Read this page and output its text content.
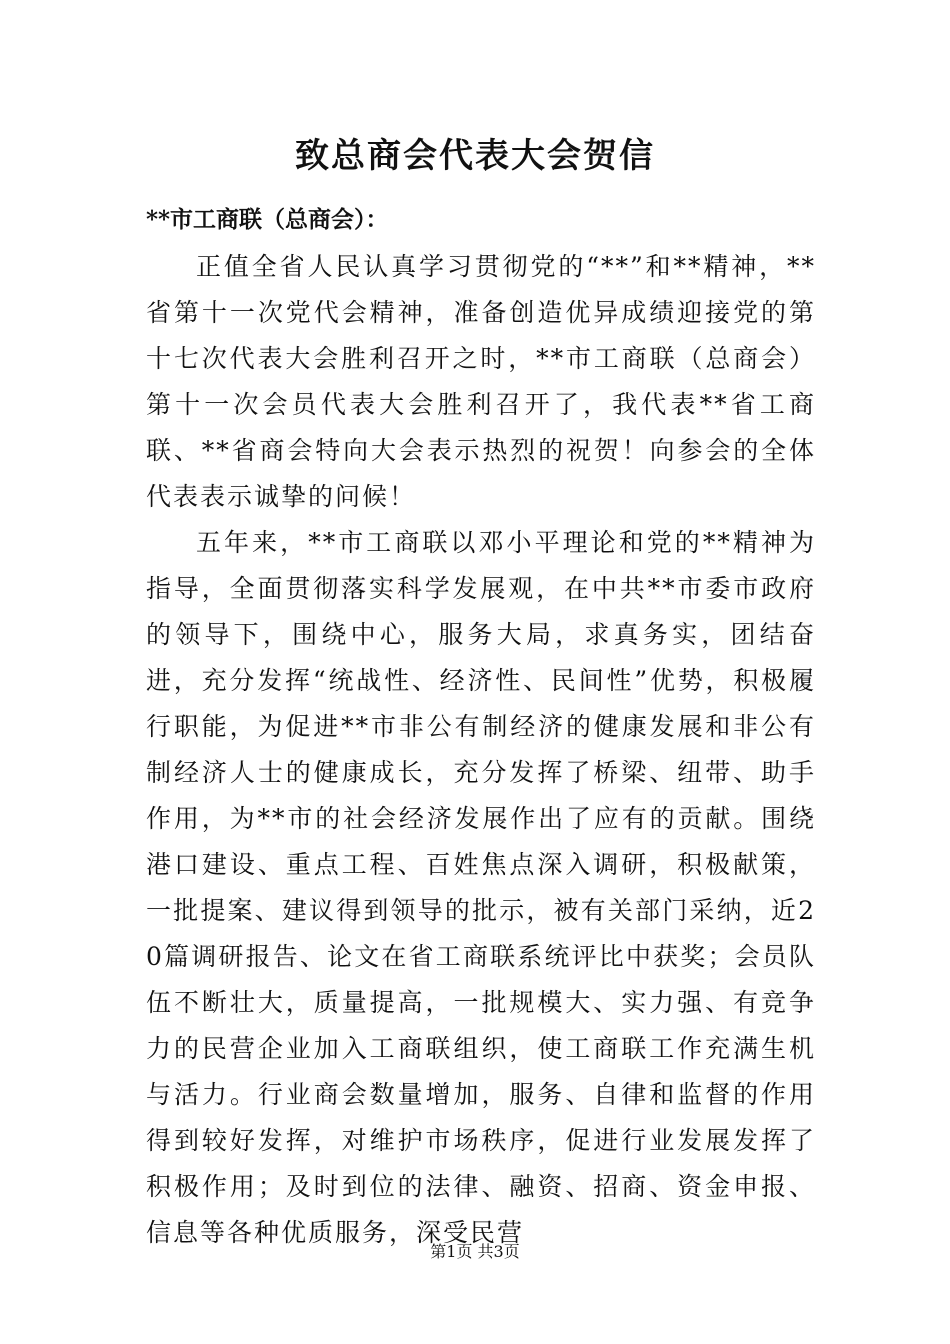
致总商会代表大会贺信
**市工商联（总商会）：

正值全省人民认真学习贯彻党的“**”和**精神，**省第十一次党代会精神，准备创造优异成绩迎接党的第十七次代表大会胜利召开之时，**市工商联（总商会）第十一次会员代表大会胜利召开了，我代表**省工商联、**省商会特向大会表示热烈的祝贺！向参会的全体代表表示诚挚的问候！

五年来，**市工商联以邓小平理论和党的**精神为指导，全面贯彻落实科学发展观，在中共**市委市政府的领导下，围绕中心，服务大局，求真务实，团结奋进，充分发挥“统战性、经济性、民间性”优势，积极履行职能，为促进**市非公有制经济的健康发展和非公有制经济人士的健康成长，充分发挥了桥梁、纽带、助手作用，为**市的社会经济发展作出了应有的贡献。围绕港口建设、重点工程、百姓焦点深入调研，积极献策，一批提案、建议得到领导的批示，被有关部门采纳，近20篇调研报告、论文在省工商联系统评比中获奖；会员队伍不断壮大，质量提高，一批规模大、实力强、有竞争力的民营企业加入工商联组织，使工商联工作充满生机与活力。行业商会数量增加，服务、自律和监督的作用得到较好发挥，对维护市场秩序，促进行业发展发挥了积极作用；及时到位的法律、融资、招商、资金申报、信息等各种优质服务，深受民营

第1页 共3页
